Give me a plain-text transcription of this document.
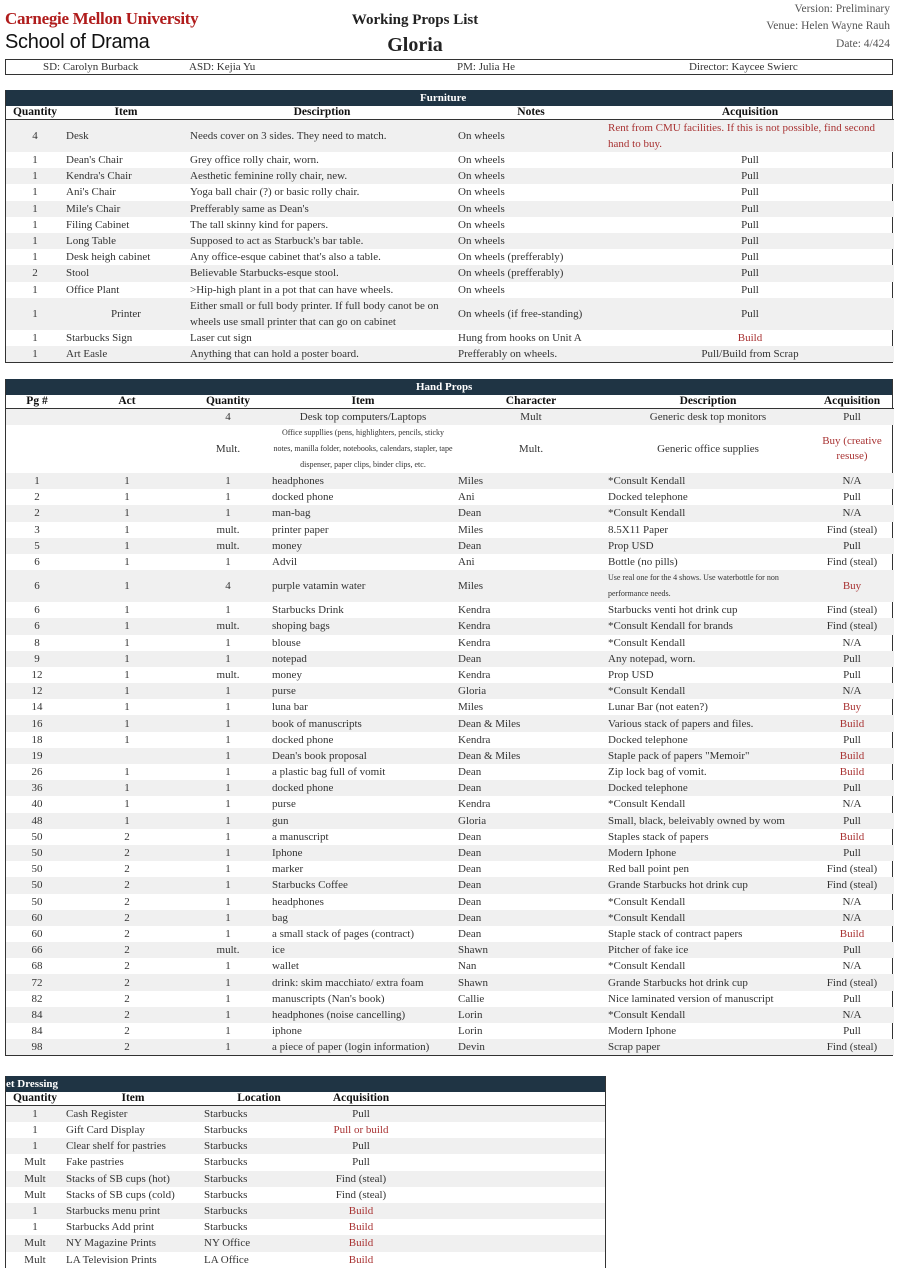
Carnegie Mellon University
School of Drama
Working Props List
Gloria
Version: Preliminary
Venue: Helen Wayne Rauh
Date: 4/424
SD: Carolyn Burback	ASD: Kejia Yu	PM: Julia He	Director: Kaycee Swierc
Furniture
Quantity	Item	Descirption	Notes	Acquisition
4	Desk	Needs cover on 3 sides. They need to match.	On wheels	Rent from CMU facilities. If this is not possible, find second hand to buy.
1	Dean's Chair	Grey office rolly chair, worn.	On wheels	Pull
1	Kendra's Chair	Aesthetic feminine rolly chair, new.	On wheels	Pull
1	Ani's Chair	Yoga ball chair (?) or basic rolly chair.	On wheels	Pull
1	Mile's Chair	Prefferably same as Dean's	On wheels	Pull
1	Filing Cabinet	The tall skinny kind for papers.	On wheels	Pull
1	Long Table	Supposed to act as Starbuck's bar table.	On wheels	Pull
1	Desk heigh cabinet	Any office-esque cabinet that's also a table.	On wheels (prefferably)	Pull
2	Stool	Believable Starbucks-esque stool.	On wheels (prefferably)	Pull
1	Office Plant	>Hip-high plant in a pot that can have wheels.	On wheels	Pull
1	Printer	Either small or full body printer. If full body canot be on wheels use small printer that can go on cabinet	On wheels (if free-standing)	Pull
1	Starbucks Sign	Laser cut sign	Hung from hooks on Unit A	Build
1	Art Easle	Anything that can hold a poster board.	Prefferably on wheels.	Pull/Build from Scrap
Hand Props
Pg #	Act	Quantity	Item	Character	Description	Acquisition
		4	Desk top computers/Laptops	Mult	Generic desk top monitors	Pull
		Mult.	Office suppllies (pens, highlighters, pencils, sticky notes, manilla folder, notebooks, calendars, stapler, tape dispenser, paper clips, binder clips, etc.	Mult.	Generic office supplies	Buy (creative resuse)
1	1	1	headphones	Miles	*Consult Kendall	N/A
2	1	1	docked phone	Ani	Docked telephone	Pull
2	1	1	man-bag	Dean	*Consult Kendall	N/A
3	1	mult.	printer paper	Miles	8.5X11 Paper	Find (steal)
5	1	mult.	money	Dean	Prop USD	Pull
6	1	1	Advil	Ani	Bottle (no pills)	Find (steal)
6	1	4	purple vatamin water	Miles	Use real one for the 4 shows. Use waterbottle for non performance needs.	Buy
6	1	1	Starbucks Drink	Kendra	Starbucks venti hot drink cup	Find (steal)
6	1	mult.	shoping bags	Kendra	*Consult Kendall for brands	Find (steal)
8	1	1	blouse	Kendra	*Consult Kendall	N/A
9	1	1	notepad	Dean	Any notepad, worn.	Pull
12	1	mult.	money	Kendra	Prop USD	Pull
12	1	1	purse	Gloria	*Consult Kendall	N/A
14	1	1	luna bar	Miles	Lunar Bar (not eaten?)	Buy
16	1	1	book of manuscripts	Dean & Miles	Various stack of papers and files.	Build
18	1	1	docked phone	Kendra	Docked telephone	Pull
19		1	Dean's book proposal	Dean & Miles	Staple pack of papers "Memoir"	Build
26	1	1	a plastic bag full of vomit	Dean	Zip lock bag of vomit.	Build
36	1	1	docked phone	Dean	Docked telephone	Pull
40	1	1	purse	Kendra	*Consult Kendall	N/A
48	1	1	gun	Gloria	Small, black, beleivably owned by wom	Pull
50	2	1	a manuscript	Dean	Staples stack of papers	Build
50	2	1	Iphone	Dean	Modern Iphone	Pull
50	2	1	marker	Dean	Red ball point pen	Find (steal)
50	2	1	Starbucks Coffee	Dean	Grande Starbucks hot drink cup	Find (steal)
50	2	1	headphones	Dean	*Consult Kendall	N/A
60	2	1	bag	Dean	*Consult Kendall	N/A
60	2	1	a small stack of pages (contract)	Dean	Staple stack of contract papers	Build
66	2	mult.	ice	Shawn	Pitcher of fake ice	Pull
68	2	1	wallet	Nan	*Consult Kendall	N/A
72	2	1	drink: skim macchiato/ extra foam	Shawn	Grande Starbucks hot drink cup	Find (steal)
82	2	1	manuscripts (Nan's book)	Callie	Nice laminated version of manuscript	Pull
84	2	1	headphones (noise cancelling)	Lorin	*Consult Kendall	N/A
84	2	1	iphone	Lorin	Modern Iphone	Pull
98	2	1	a piece of paper (login information)	Devin	Scrap paper	Find (steal)
et Dressing
Quantity	Item	Location	Acquisition	
1	Cash Register	Starbucks	Pull	
1	Gift Card Display	Starbucks	Pull or build	
1	Clear shelf for pastries	Starbucks	Pull	
Mult	Fake pastries	Starbucks	Pull	
Mult	Stacks of SB cups (hot)	Starbucks	Find (steal)	
Mult	Stacks of SB cups (cold)	Starbucks	Find (steal)	
1	Starbucks menu print	Starbucks	Build	
1	Starbucks Add print	Starbucks	Build	
Mult	NY Magazine Prints	NY Office	Build	
Mult	LA Television Prints	LA Office	Build	
